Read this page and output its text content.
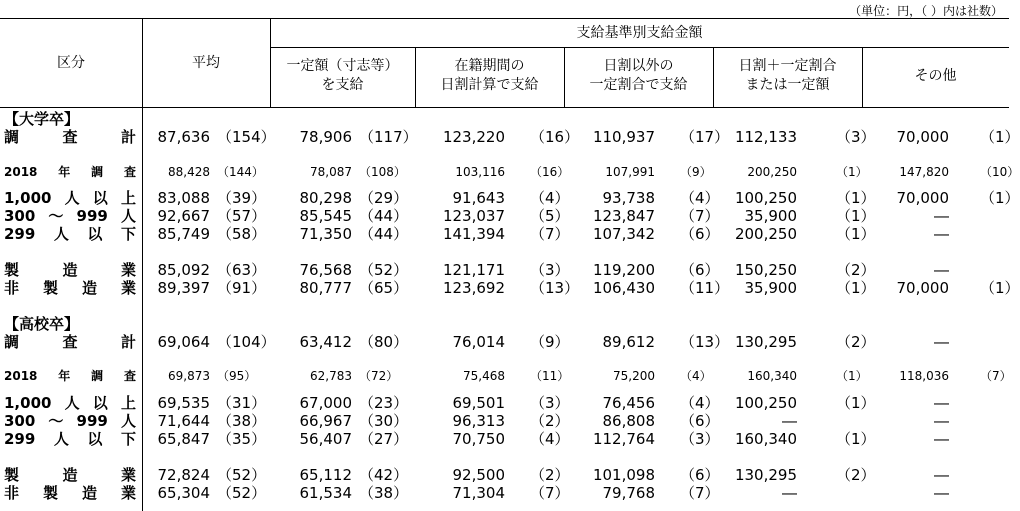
（単位：円，（ ）内は社数）
区分	平均
支給基準別支給金額
一定額（寸志等）
を支給
在籍期間の
日割計算で支給
日割以外の
一定割合で支給
日割＋一定割合
または一定額
その他
【大学卒】
調	査	計	87,636 （154）	78,906 （117）	123,220 （16） 110,937 （17） 112,133	（3）	70,000 （1）
2018 年 調 査	88,428 （144）	78,087 （108）	103,116 （16）	107,991 （9）	200,250	（1）	147,820	（10）
1,000 人 以 上	83,088 （39）	80,298 （29）	91,643 （4）	93,738 （4）	100,250	（1）	70,000 （1）
300 ～ 999 人	92,667 （57）	85,545 （44）	123,037 （5）	123,847 （7）	35,900	（1）	―
299 人 以 下	85,749 （58）	71,350 （44）	141,394 （7）	107,342 （6）	200,250	（1）	―
製	造	業	85,092 （63）	76,568 （52）	121,171 （3）	119,200 （6）	150,250	（2）	―
非 製 造 業	89,397 （91）	80,777 （65）	123,692 （13） 106,430 （11）	35,900	（1）	70,000 （1）
【高校卒】
調	査	計	69,064 （104）	63,412 （80）	76,014 （9）	89,612 （13） 130,295	（2）	―
2018 年 調 査	69,873 （95）	62,783 （72）	75,468 （11）	75,200 （4）	160,340	（1）	118,036	（7）
1,000 人 以 上	69,535 （31）	67,000 （23）	69,501 （3）	76,456 （4）	100,250	（1）	―
300 ～ 999 人	71,644 （38）	66,967 （30）	96,313 （2）	86,808 （6）	―	―
299 人 以 下	65,847 （35）	56,407 （27）	70,750 （4）	112,764 （3）	160,340	（1）	―
製	造	業	72,824 （52）	65,112 （42）	92,500 （2）	101,098 （6）	130,295	（2）	―
非 製 造 業	65,304 （52）	61,534 （38）	71,304 （7）	79,768 （7）	―	―
